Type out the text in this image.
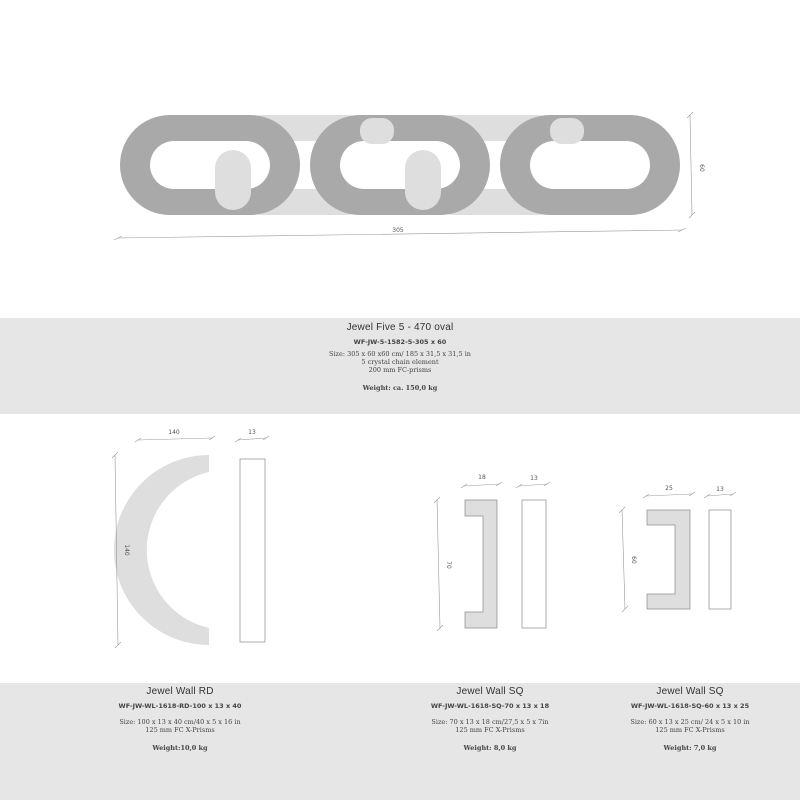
305
60
140	13
140
18	13
70
25	13
60
Jewel Five 5 - 470 oval
WF-JW-5-1582-5-305 x 60
Size: 305 x 60 x60 cm/ 185 x 31,5 x 31,5 in
5 crystal chain element
200 mm FC-prisms
Weight: ca. 150,0 kg
Jewel Wall RD
WF-JW-WL-1618-RD-100 x 13 x 40
Size: 100 x 13 x 40 cm/40 x 5 x 16 in
125 mm FC X-Prisms
Weight:10,0 kg
Jewel Wall SQ
WF-JW-WL-1618-SQ-70 x 13 x 18
Size: 70 x 13 x 18 cm/27,5 x 5 x 7in
125 mm FC X-Prisms
Weight: 8,0 kg
Jewel Wall SQ
WF-JW-WL-1618-SQ-60 x 13 x 25
Size: 60 x 13 x 25 cm/ 24 x 5 x 10 in
125 mm FC X-Prisms
Weight: 7,0 kg
